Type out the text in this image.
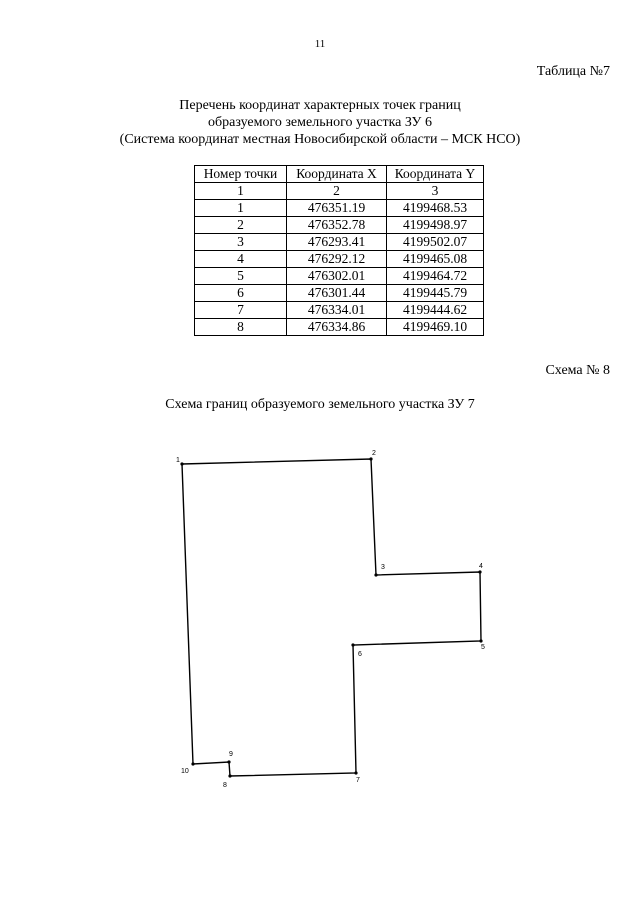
11
Таблица №7
Перечень координат характерных точек границ
образуемого земельного участка ЗУ 6
(Система координат местная Новосибирской области – МСК НСО)
Номер точки	Координата X	Координата Y
1	2	3
1	476351.19	4199468.53
2	476352.78	4199498.97
3	476293.41	4199502.07
4	476292.12	4199465.08
5	476302.01	4199464.72
6	476301.44	4199445.79
7	476334.01	4199444.62
8	476334.86	4199469.10
Схема № 8
Схема границ образуемого земельного участка ЗУ 7
1
2
3	4
5
6
7
8
9
10
